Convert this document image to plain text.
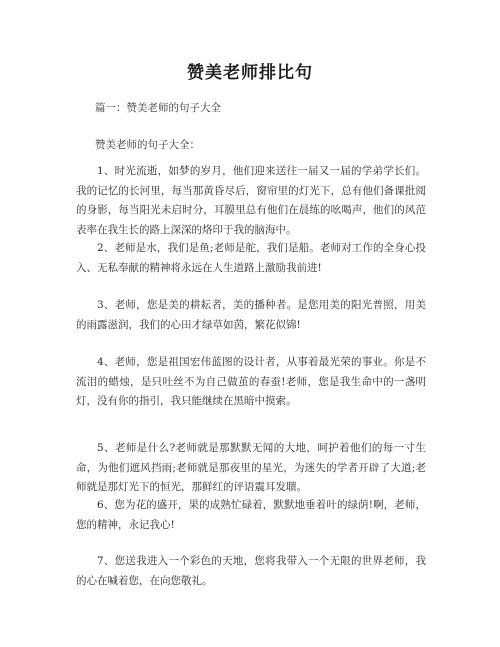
赞美老师排比句
篇一：赞美老师的句子大全
赞美老师的句子大全：

1、时光流逝，如梦的岁月，他们迎来送往一届又一届的学弟学长们。我的记忆的长河里，每当那黄昏尽后，窗帘里的灯光下，总有他们备课批阅的身影，每当阳光未启时分，耳膜里总有他们在晨练的吆喝声，他们的风范表率在我生长的路上深深的烙印于我的脑海中。

2、老师是水，我们是鱼;老师是舵，我们是船。老师对工作的全身心投入、无私奉献的精神将永远在人生道路上激励我前进!

3、老师，您是美的耕耘者，美的播种者。是您用美的阳光普照，用美的雨露滋润，我们的心田才绿草如茵，繁花似锦!

4、老师，您是祖国宏伟蓝图的设计者，从事着最光荣的事业。你是不流泪的蜡烛，是只吐丝不为自己做茧的春蚕!老师，您是我生命中的一盏明灯，没有你的指引，我只能继续在黑暗中摸索。

5、老师是什么?老师就是那默默无闻的大地，呵护着他们的每一寸生命，为他们遮风挡雨;老师就是那夜里的星光，为迷失的学者开辟了大道;老师就是那灯光下的恒光，那鲜红的评语震耳发聩。

6、您为花的盛开，果的成熟忙碌着，默默地垂着叶的绿荫!啊，老师，您的精神，永记我心!

7、您送我进入一个彩色的天地，您将我带入一个无限的世界老师，我的心在喊着您，在向您敬礼。
